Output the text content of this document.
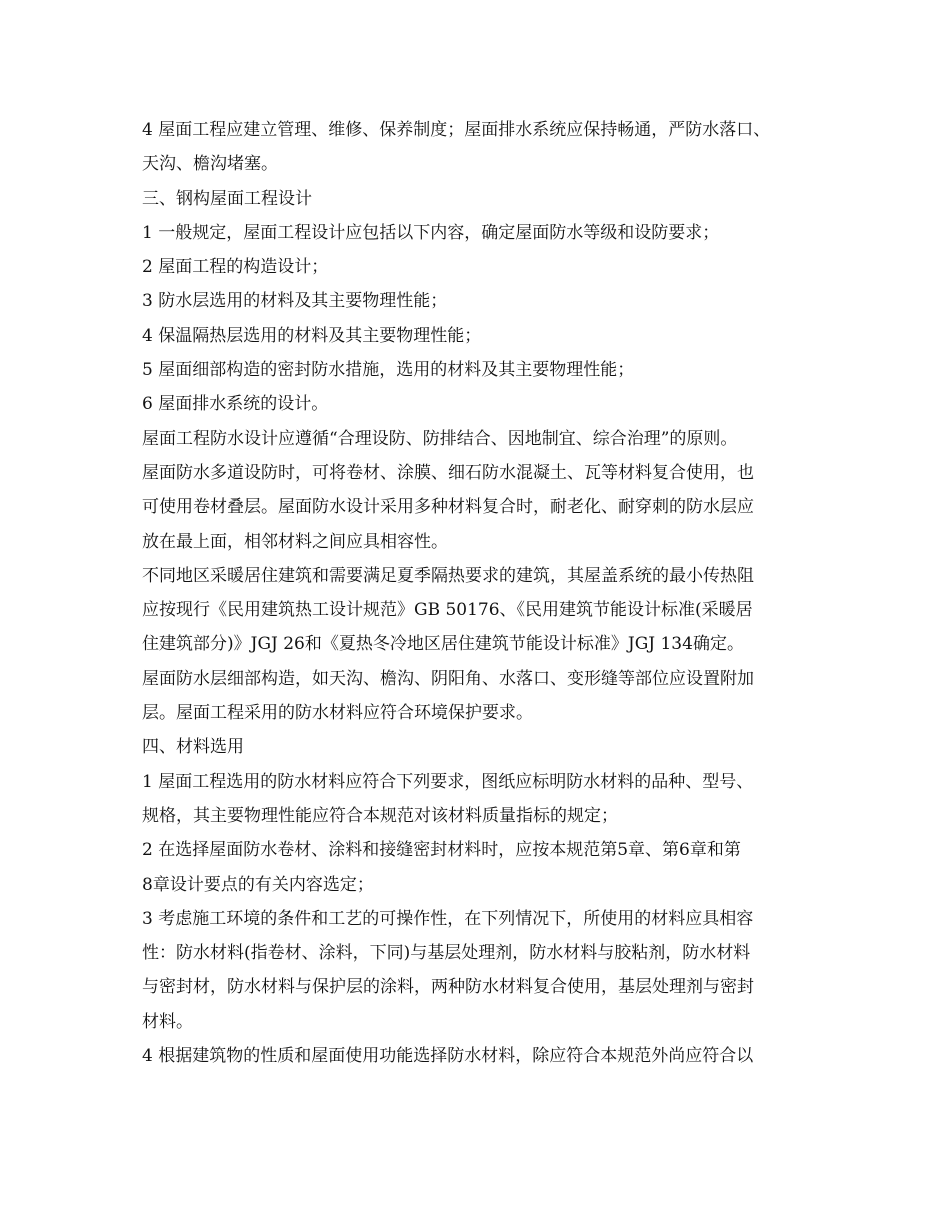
4 屋面工程应建立管理、维修、保养制度；屋面排水系统应保持畅通，严防水落口、
天沟、檐沟堵塞。
三、钢构屋面工程设计
1 一般规定，屋面工程设计应包括以下内容，确定屋面防水等级和设防要求；
2 屋面工程的构造设计；
3 防水层选用的材料及其主要物理性能；
4 保温隔热层选用的材料及其主要物理性能；
5 屋面细部构造的密封防水措施，选用的材料及其主要物理性能；
6 屋面排水系统的设计。
屋面工程防水设计应遵循“合理设防、防排结合、因地制宜、综合治理”的原则。
屋面防水多道设防时，可将卷材、涂膜、细石防水混凝土、瓦等材料复合使用，也
可使用卷材叠层。屋面防水设计采用多种材料复合时，耐老化、耐穿刺的防水层应
放在最上面，相邻材料之间应具相容性。
不同地区采暖居住建筑和需要满足夏季隔热要求的建筑，其屋盖系统的最小传热阻
应按现行《民用建筑热工设计规范》GB 50176、《民用建筑节能设计标准(采暖居
住建筑部分)》JGJ 26和《夏热冬冷地区居住建筑节能设计标准》JGJ 134确定。
屋面防水层细部构造，如天沟、檐沟、阴阳角、水落口、变形缝等部位应设置附加
层。屋面工程采用的防水材料应符合环境保护要求。
四、材料选用
1 屋面工程选用的防水材料应符合下列要求，图纸应标明防水材料的品种、型号、
规格，其主要物理性能应符合本规范对该材料质量指标的规定；
2 在选择屋面防水卷材、涂料和接缝密封材料时，应按本规范第5章、第6章和第
8章设计要点的有关内容选定；
3 考虑施工环境的条件和工艺的可操作性，在下列情况下，所使用的材料应具相容
性：防水材料(指卷材、涂料，下同)与基层处理剂，防水材料与胶粘剂，防水材料
与密封材，防水材料与保护层的涂料，两种防水材料复合使用，基层处理剂与密封
材料。
4 根据建筑物的性质和屋面使用功能选择防水材料，除应符合本规范外尚应符合以
